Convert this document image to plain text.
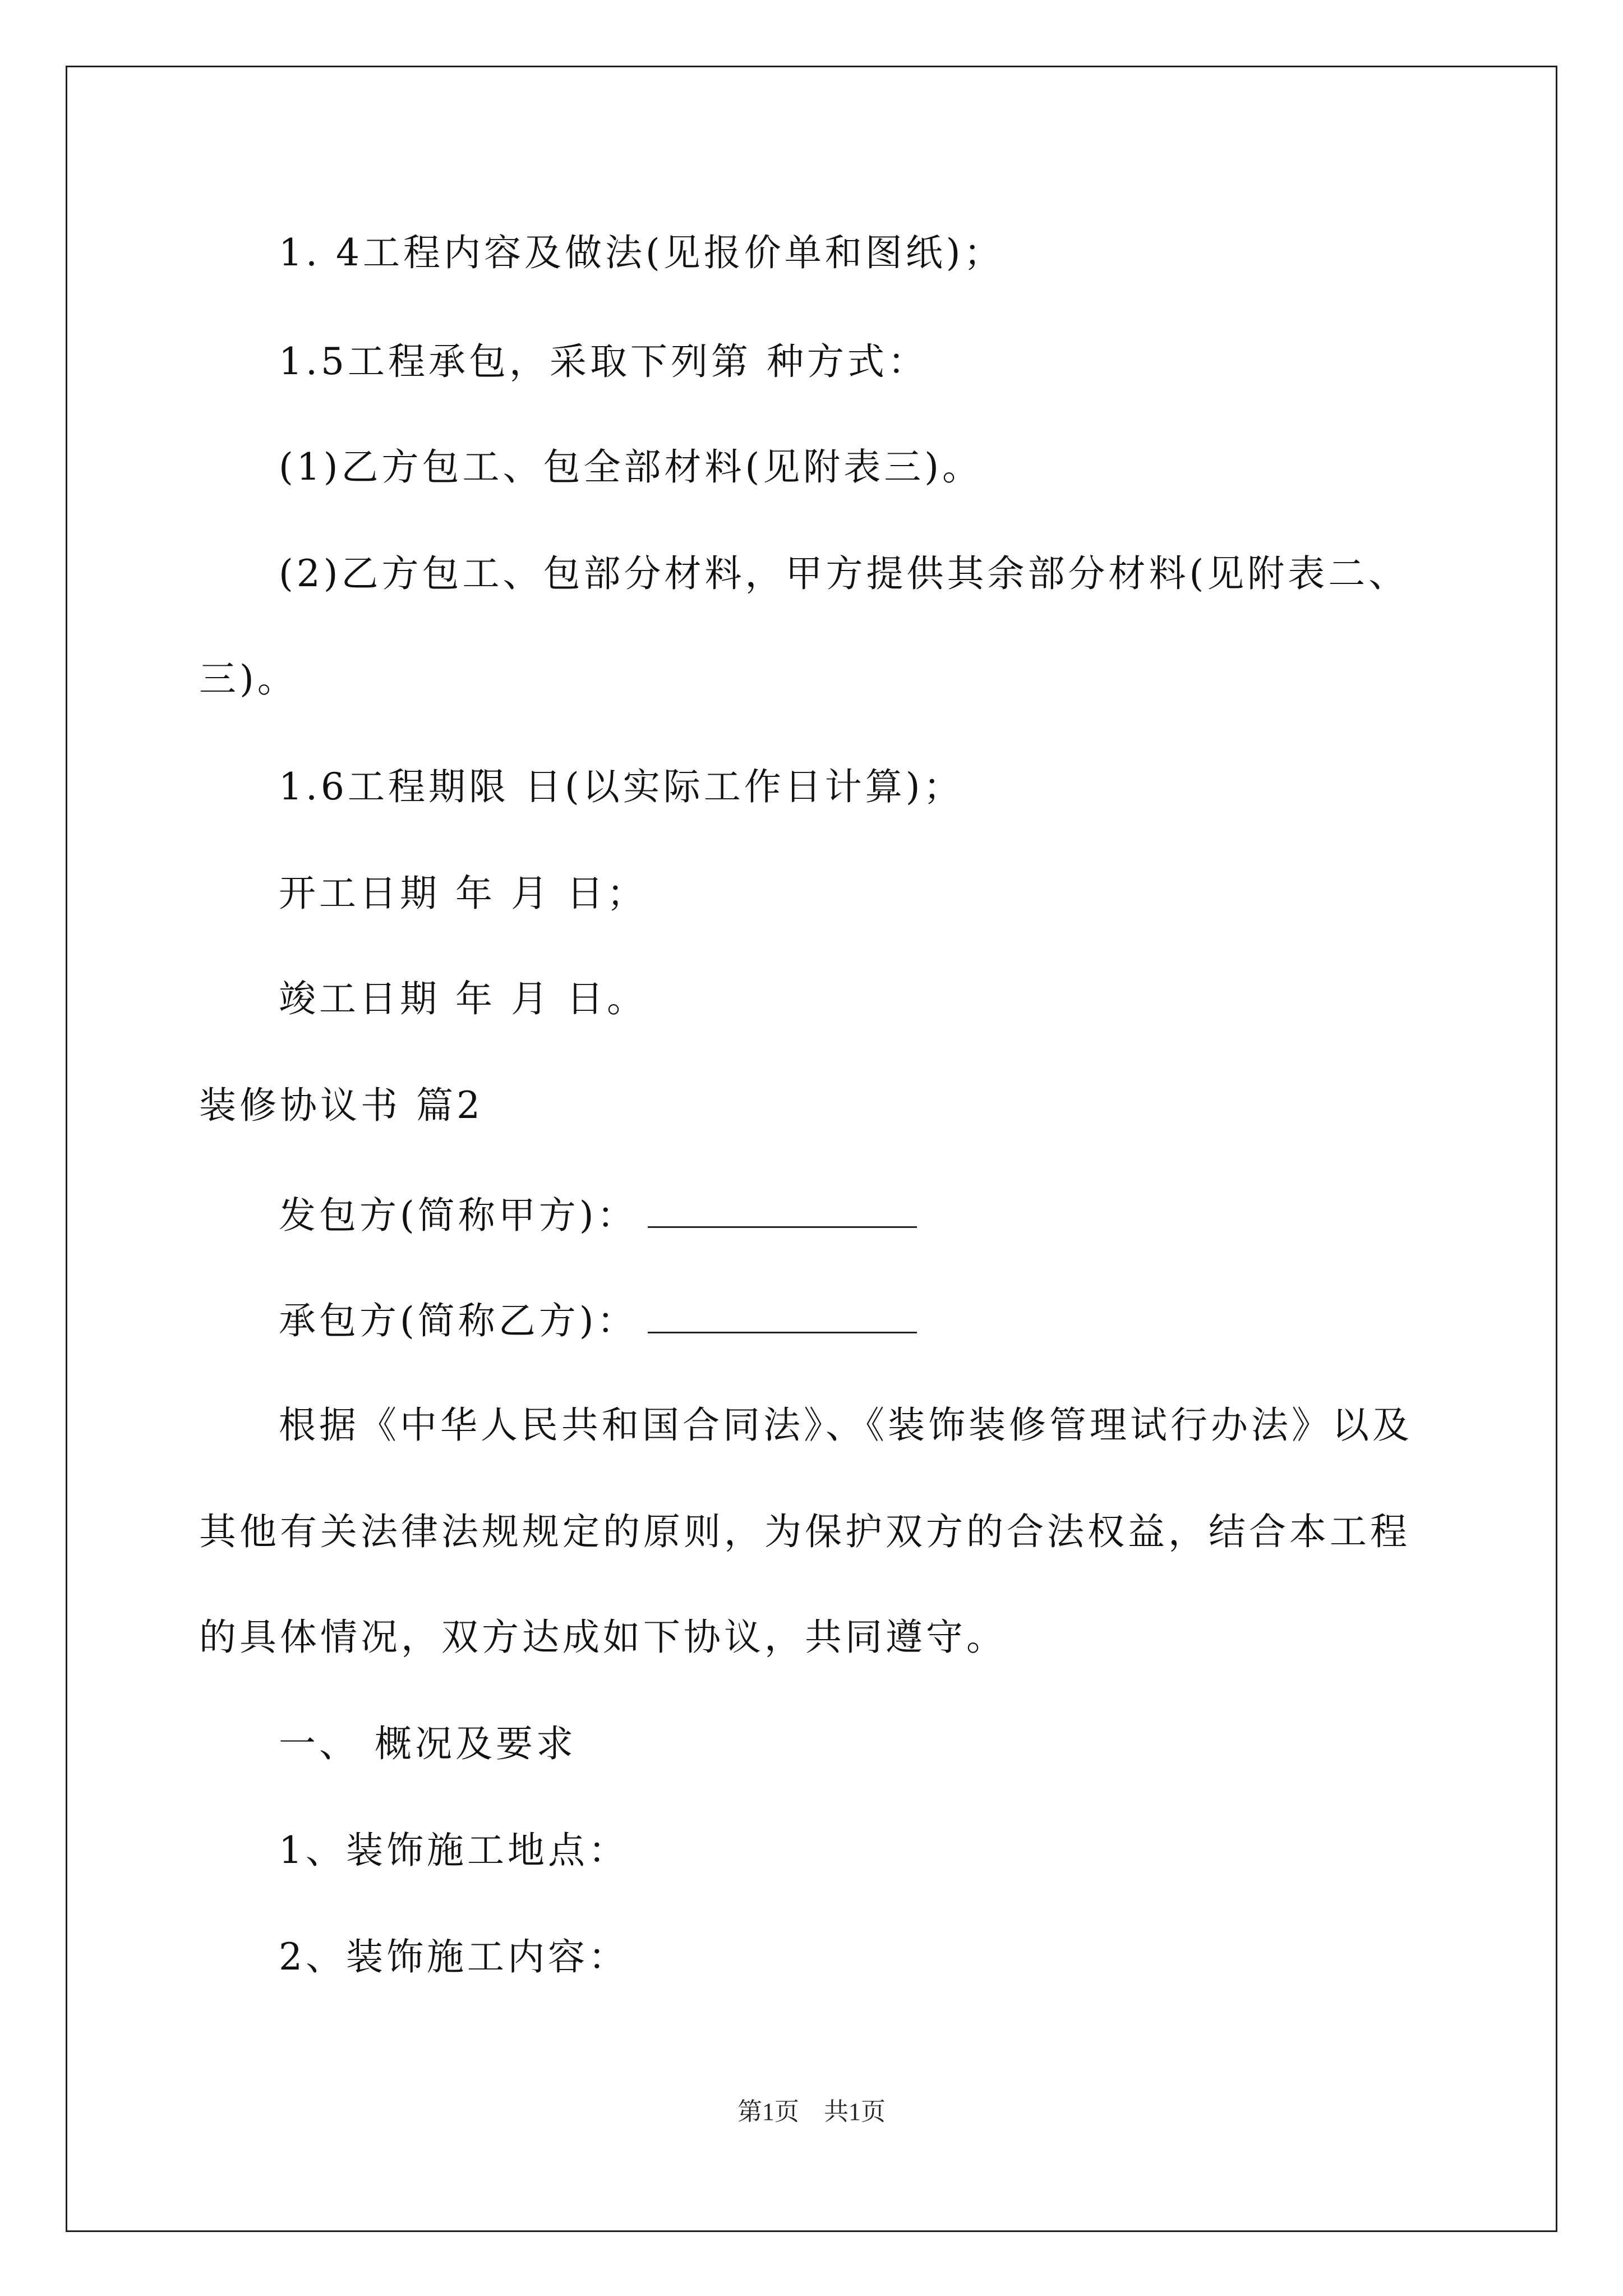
1. 4工程内容及做法(见报价单和图纸)；
1.5工程承包，采取下列第 种方式：
(1)乙方包工、包全部材料(见附表三)。
(2)乙方包工、包部分材料，甲方提供其余部分材料(见附表二、
三)。
1.6工程期限 日(以实际工作日计算)；
开工日期 年 月 日；
竣工日期 年 月 日。
装修协议书 篇2
发包方(简称甲方)：
承包方(简称乙方)：
根据《中华人民共和国合同法》、《装饰装修管理试行办法》以及
其他有关法律法规规定的原则，为保护双方的合法权益，结合本工程
的具体情况，双方达成如下协议，共同遵守。
一、 概况及要求
1、装饰施工地点：
2、装饰施工内容：
第1页　共1页
